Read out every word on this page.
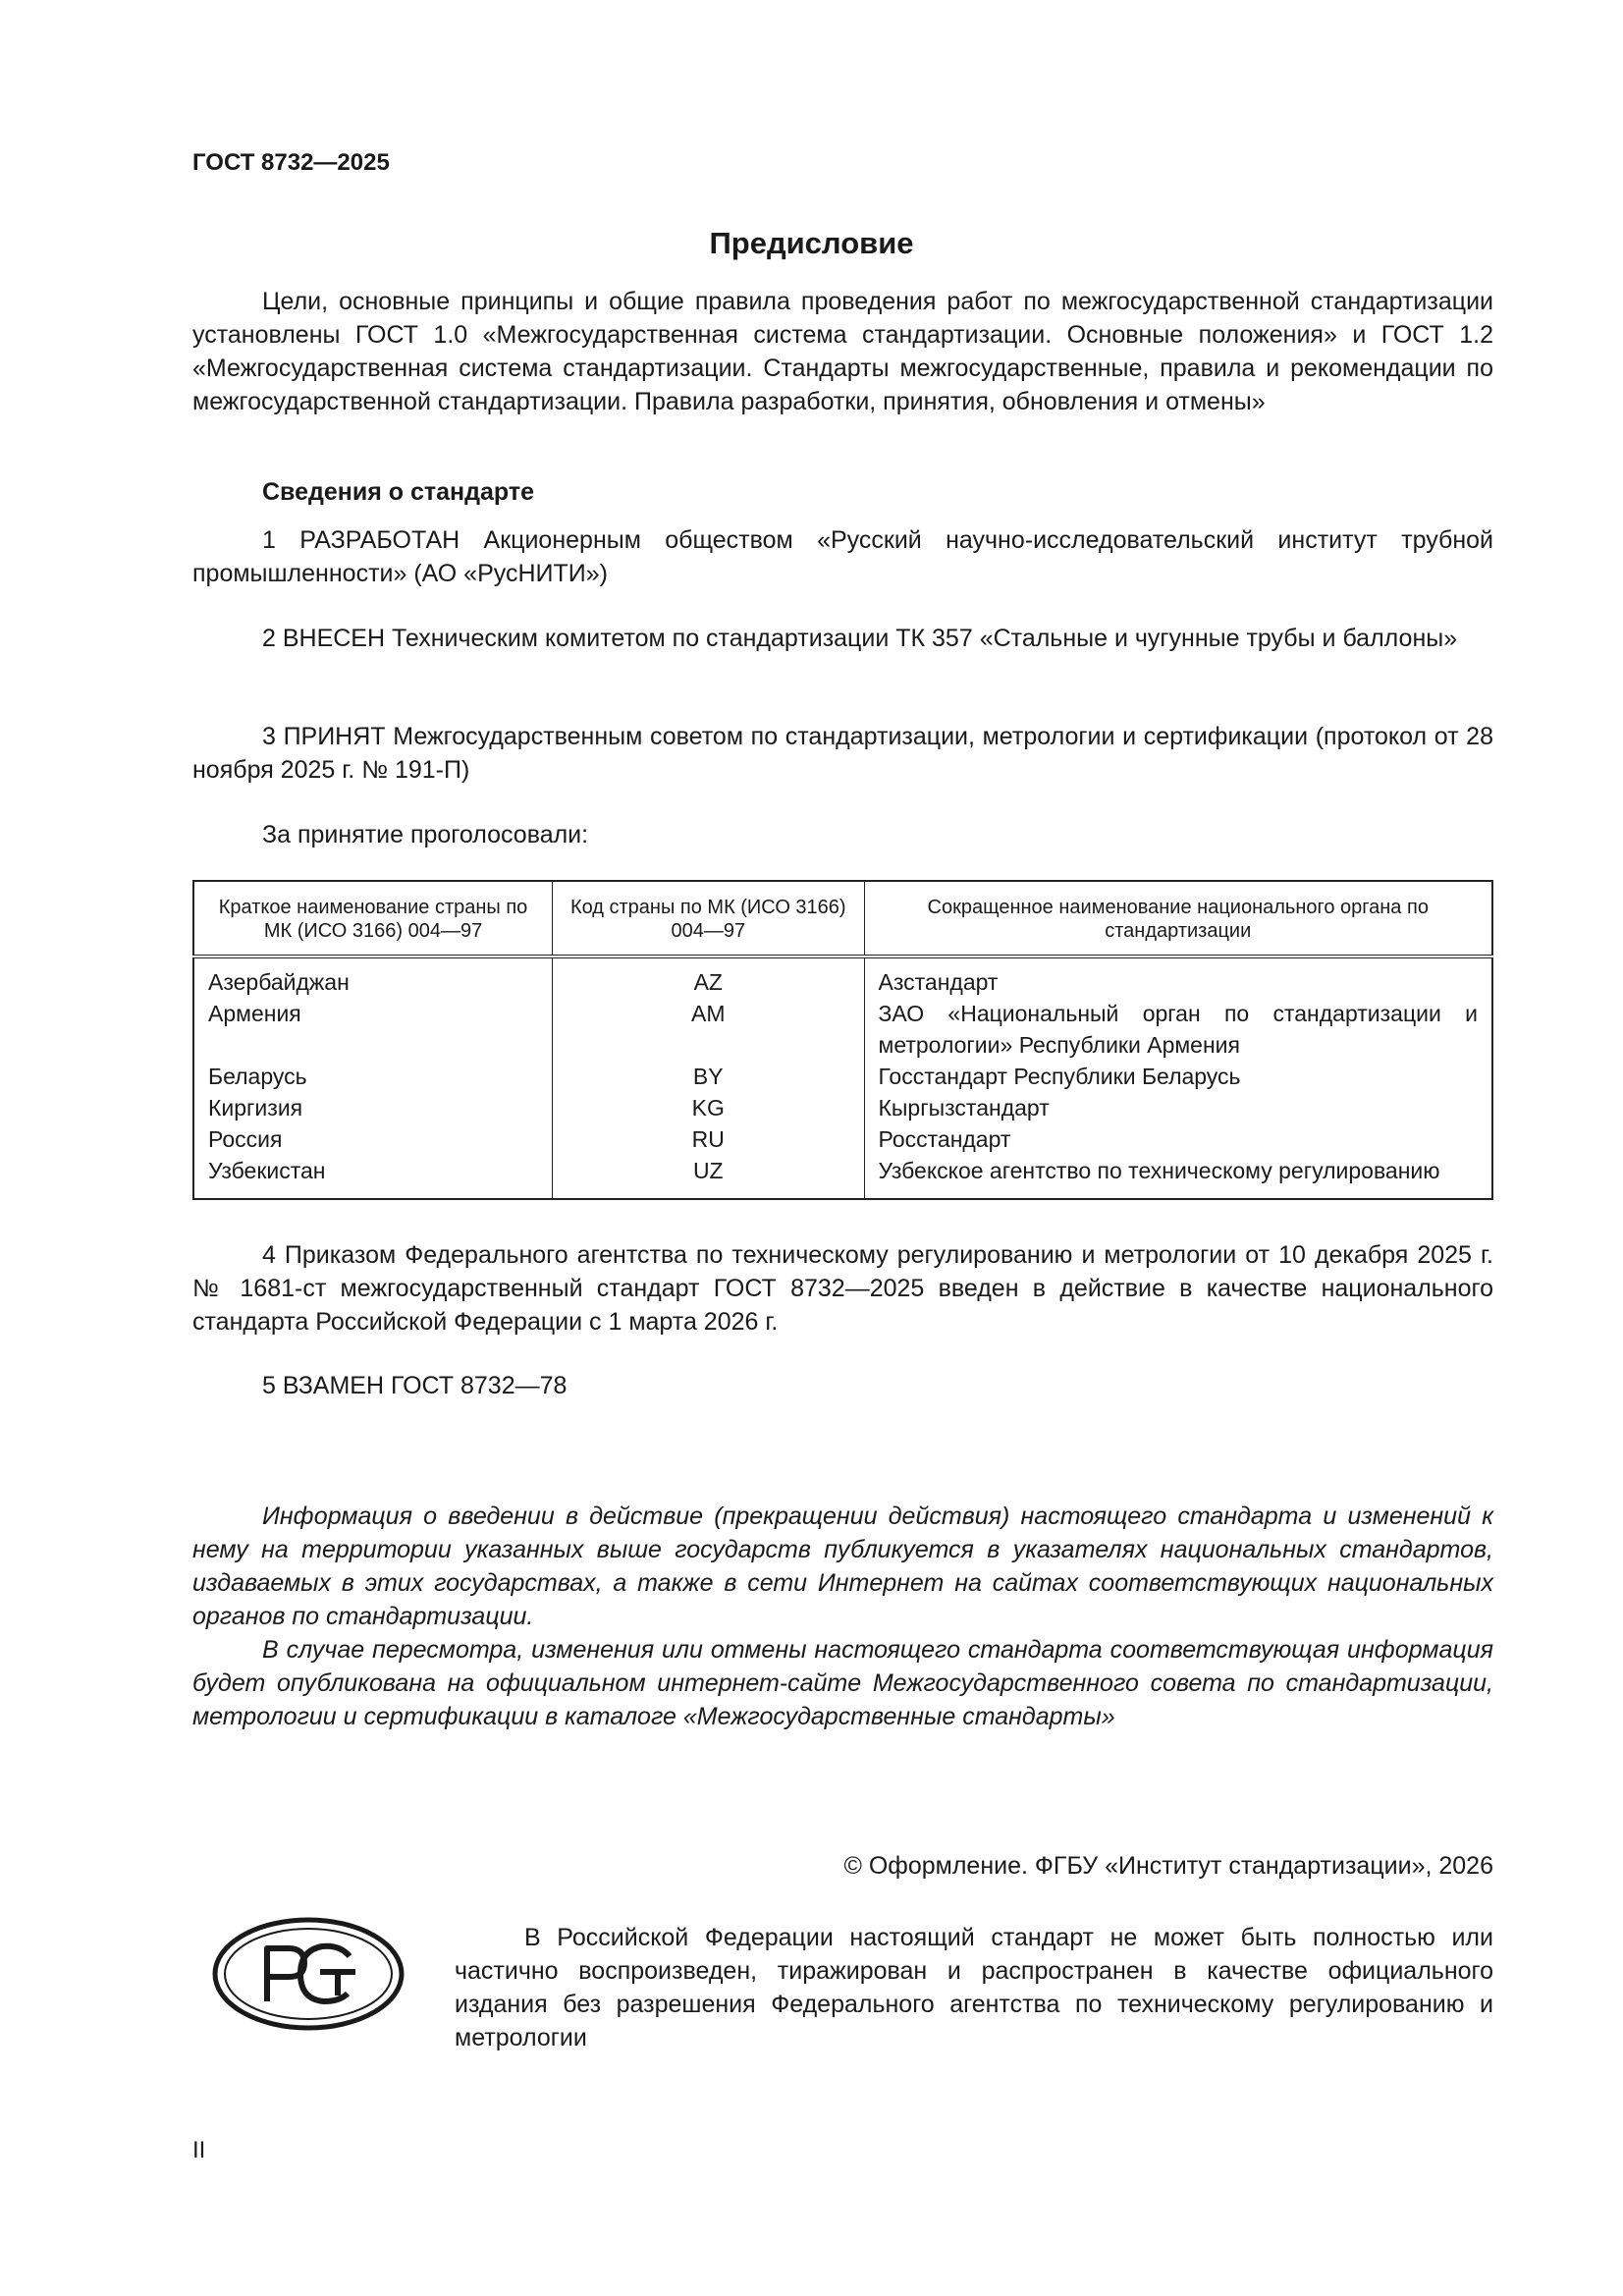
ГОСТ 8732—2025
Предисловие

Цели, основные принципы и общие правила проведения работ по межгосударственной стандартизации установлены ГОСТ 1.0 «Межгосударственная система стандартизации. Основные положения» и ГОСТ 1.2 «Межгосударственная система стандартизации. Стандарты межгосударственные, правила и рекомендации по межгосударственной стандартизации. Правила разработки, принятия, обновления и отмены»

Сведения о стандарте

1 РАЗРАБОТАН Акционерным обществом «Русский научно-исследовательский институт трубной промышленности» (АО «РусНИТИ»)

2 ВНЕСЕН Техническим комитетом по стандартизации ТК 357 «Стальные и чугунные трубы и баллоны»

3 ПРИНЯТ Межгосударственным советом по стандартизации, метрологии и сертификации (протокол от 28 ноября 2025 г. № 191-П)

За принятие проголосовали:

Краткое наименование страны по МК (ИСО 3166) 004—97	Код страны по МК (ИСО 3166) 004—97	Сокращенное наименование национального органа по стандартизации
Азербайджан	AZ	Азстандарт
Армения	AM	ЗАО «Национальный орган по стандартизации и метрологии» Республики Армения
Беларусь	BY	Госстандарт Республики Беларусь
Киргизия	KG	Кыргызстандарт
Россия	RU	Росстандарт
Узбекистан	UZ	Узбекское агентство по техническому регулированию

4 Приказом Федерального агентства по техническому регулированию и метрологии от 10 декабря 2025 г. № 1681-ст межгосударственный стандарт ГОСТ 8732—2025 введен в действие в качестве национального стандарта Российской Федерации с 1 марта 2026 г.

5 ВЗАМЕН ГОСТ 8732—78

Информация о введении в действие (прекращении действия) настоящего стандарта и изменений к нему на территории указанных выше государств публикуется в указателях национальных стандартов, издаваемых в этих государствах, а также в сети Интернет на сайтах соответствующих национальных органов по стандартизации.

В случае пересмотра, изменения или отмены настоящего стандарта соответствующая информация будет опубликована на официальном интернет-сайте Межгосударственного совета по стандартизации, метрологии и сертификации в каталоге «Межгосударственные стандарты»

© Оформление. ФГБУ «Институт стандартизации», 2026

В Российской Федерации настоящий стандарт не может быть полностью или частично воспроизведен, тиражирован и распространен в качестве официального издания без разрешения Федерального агентства по техническому регулированию и метрологии

II
